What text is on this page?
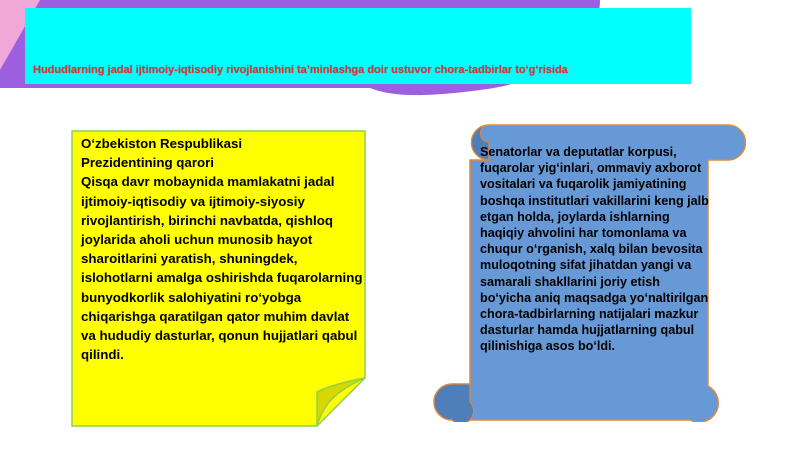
Hududlarning jadal ijtimoiy-iqtisodiy rivojlanishini ta’minlashga doir ustuvor chora-tadbirlar to‘g‘risida
O‘zbekiston Respublikasi
Prezidentining qarori
Qisqa davr mobaynida mamlakatni jadal ijtimoiy-iqtisodiy va ijtimoiy-siyosiy rivojlantirish, birinchi navbatda, qishloq joylarida aholi uchun munosib hayot sharoitlarini yaratish, shuningdek, islohotlarni amalga oshirishda fuqarolarning bunyodkorlik salohiyatini ro‘yobga chiqarishga qaratilgan qator muhim davlat va hududiy dasturlar, qonun hujjatlari qabul qilindi.
Senatorlar va deputatlar korpusi, fuqarolar yig‘inlari, ommaviy axborot vositalari va fuqarolik jamiyatining boshqa institutlari vakillarini keng jalb etgan holda, joylarda ishlarning haqiqiy ahvolini har tomonlama va chuqur o‘rganish, xalq bilan bevosita muloqotning sifat jihatdan yangi va samarali shakllarini joriy etish bo‘yicha aniq maqsadga yo‘naltirilgan chora-tadbirlarning natijalari mazkur dasturlar hamda hujjatlarning qabul qilinishiga asos bo‘ldi.
